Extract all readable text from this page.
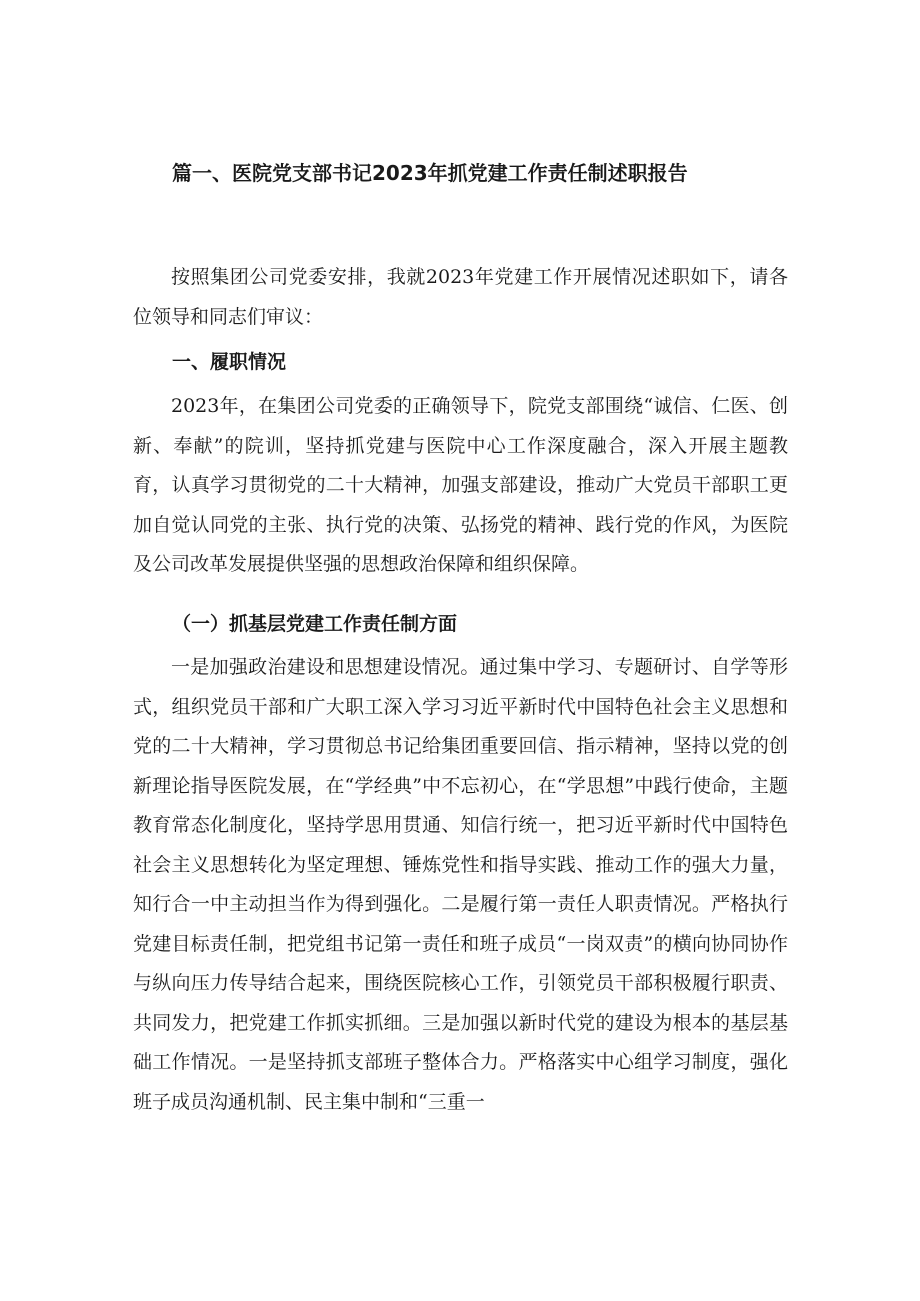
篇一、医院党支部书记2023年抓党建工作责任制述职报告

按照集团公司党委安排，我就2023年党建工作开展情况述职如下，请各位领导和同志们审议：

一、履职情况

2023年，在集团公司党委的正确领导下，院党支部围绕“诚信、仁医、创新、奉献”的院训，坚持抓党建与医院中心工作深度融合，深入开展主题教育，认真学习贯彻党的二十大精神，加强支部建设，推动广大党员干部职工更加自觉认同党的主张、执行党的决策、弘扬党的精神、践行党的作风，为医院及公司改革发展提供坚强的思想政治保障和组织保障。

（一）抓基层党建工作责任制方面

一是加强政治建设和思想建设情况。通过集中学习、专题研讨、自学等形式，组织党员干部和广大职工深入学习习近平新时代中国特色社会主义思想和党的二十大精神，学习贯彻总书记给集团重要回信、指示精神，坚持以党的创新理论指导医院发展，在“学经典”中不忘初心，在“学思想”中践行使命，主题教育常态化制度化，坚持学思用贯通、知信行统一，把习近平新时代中国特色社会主义思想转化为坚定理想、锤炼党性和指导实践、推动工作的强大力量，知行合一中主动担当作为得到强化。二是履行第一责任人职责情况。严格执行党建目标责任制，把党组书记第一责任和班子成员“一岗双责”的横向协同协作与纵向压力传导结合起来，围绕医院核心工作，引领党员干部积极履行职责、共同发力，把党建工作抓实抓细。三是加强以新时代党的建设为根本的基层基础工作情况。一是坚持抓支部班子整体合力。严格落实中心组学习制度，强化班子成员沟通机制、民主集中制和“三重一
